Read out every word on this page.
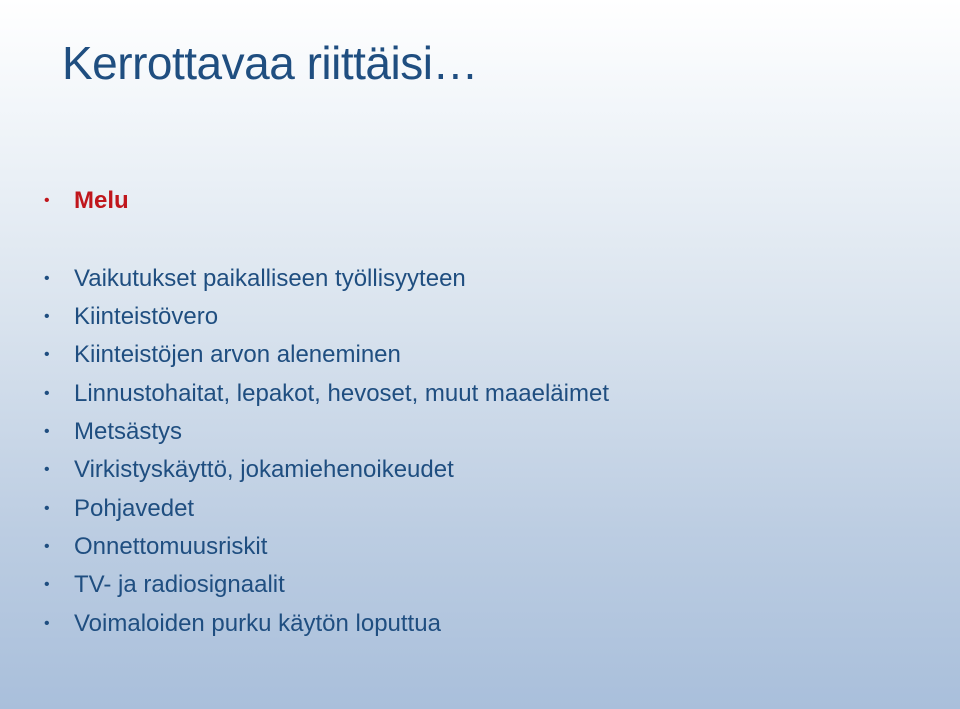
Kerrottavaa riittäisi…
• Melu
• Vaikutukset paikalliseen työllisyyteen
• Kiinteistövero
• Kiinteistöjen arvon aleneminen
• Linnustohaitat, lepakot, hevoset, muut maaeläimet
• Metsästys
• Virkistyskäyttö, jokamiehenoikeudet
• Pohjavedet
• Onnettomuusriskit
• TV- ja radiosignaalit
• Voimaloiden purku käytön loputtua
